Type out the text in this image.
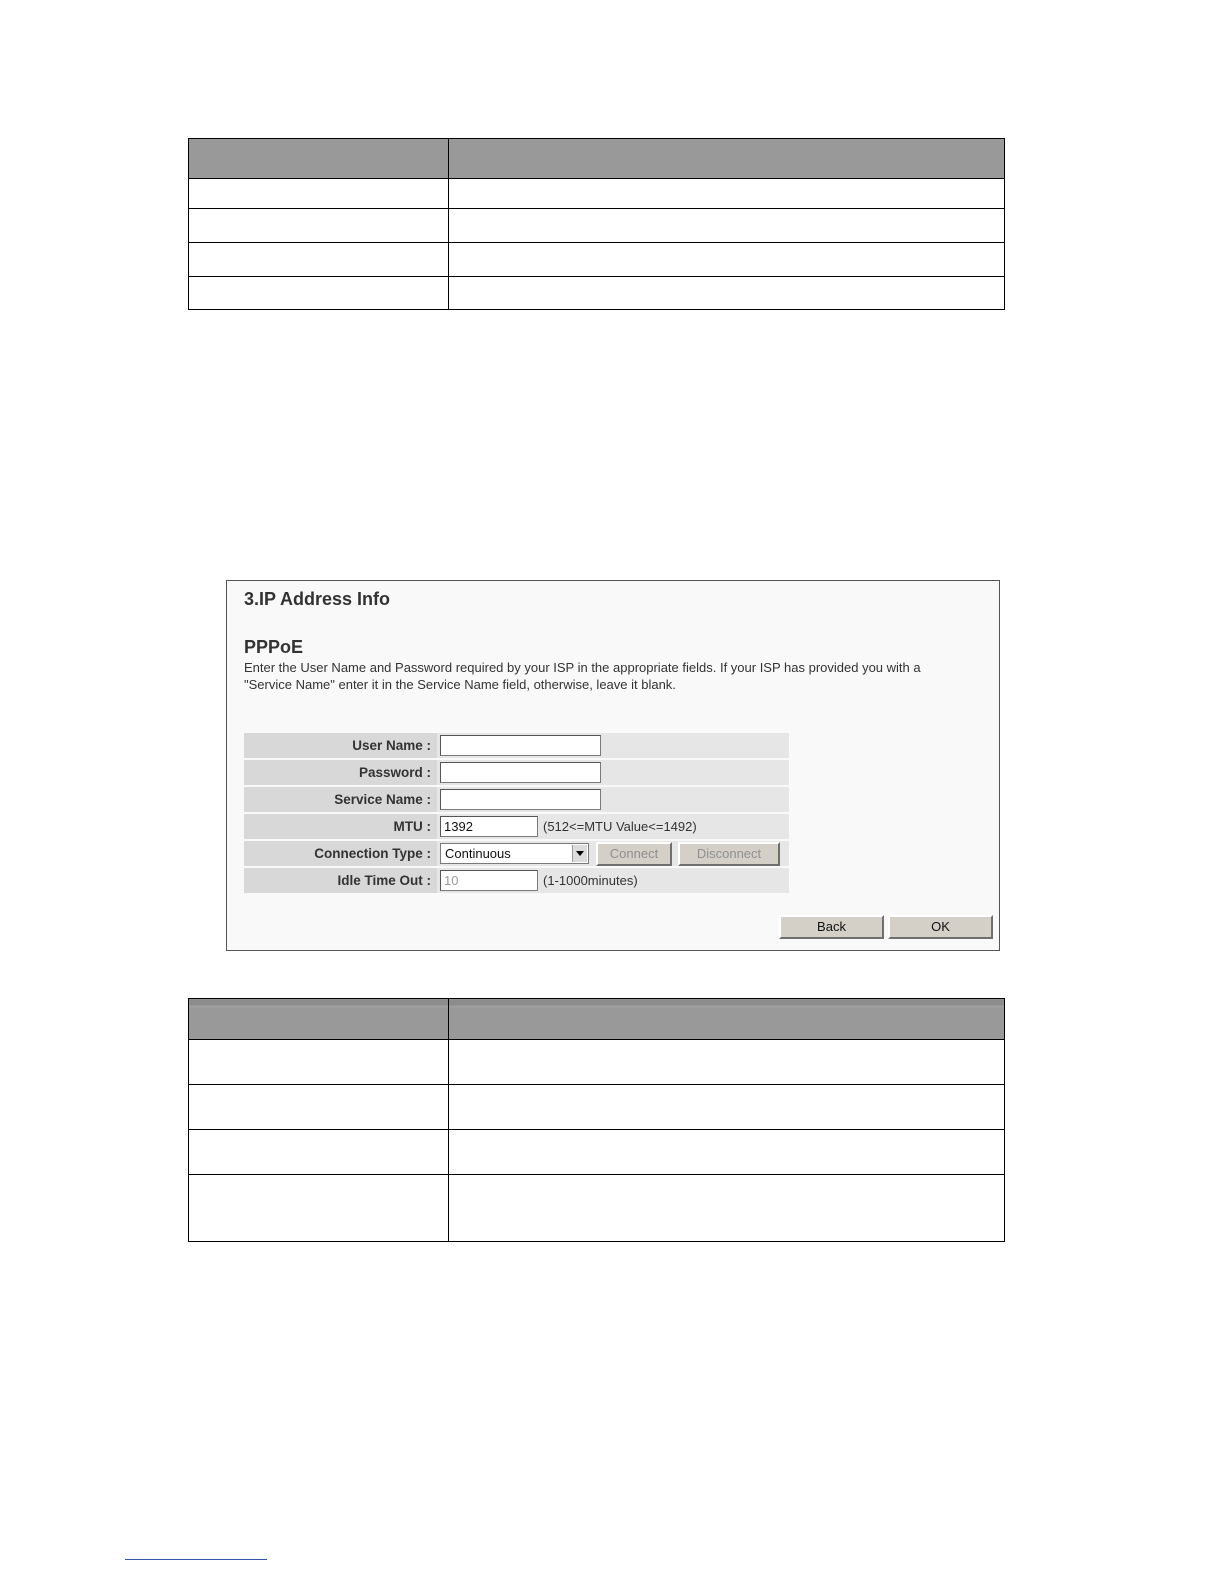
3.IP Address Info
PPPoE
Enter the User Name and Password required by your ISP in the appropriate fields. If your ISP has provided you with a
"Service Name" enter it in the Service Name field, otherwise, leave it blank.
User Name :	
Password :	
Service Name :	
MTU :	1392(512<=MTU Value<=1492)
Connection Type :	Continuous Connect Disconnect
Idle Time Out :	10(1-1000minutes)
Back	OK
